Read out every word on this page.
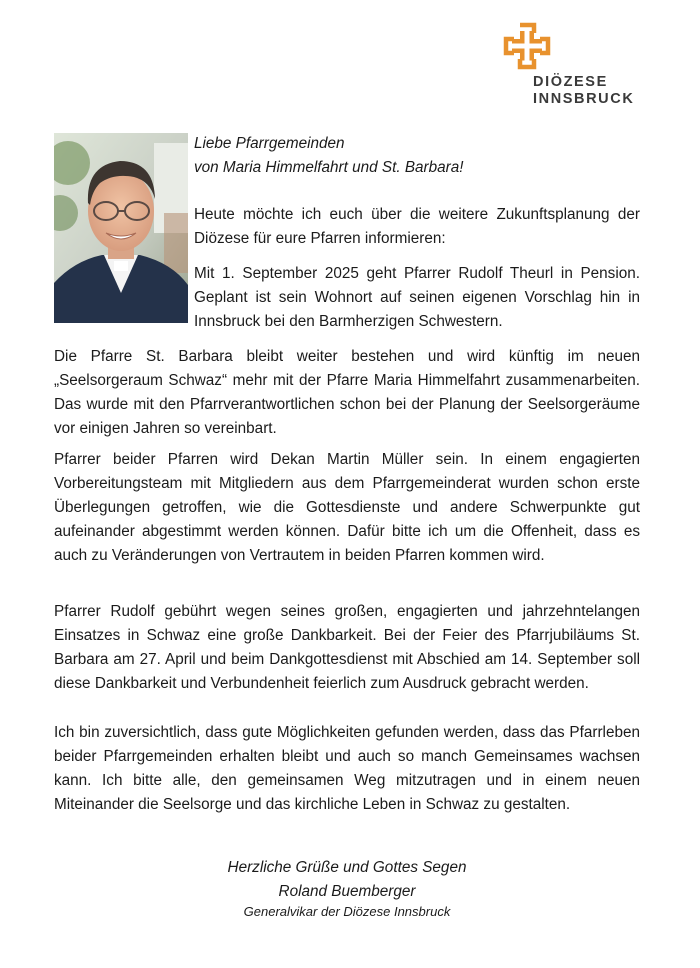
DIÖZESE
INNSBRUCK
Liebe Pfarrgemeinden
von Maria Himmelfahrt und St. Barbara!

Heute möchte ich euch über die weitere Zukunftsplanung der Diözese für eure Pfarren informieren:

Mit 1. September 2025 geht Pfarrer Rudolf Theurl in Pension. Geplant ist sein Wohnort auf seinen eigenen Vorschlag hin in Innsbruck bei den Barmherzigen Schwestern.

Die Pfarre St. Barbara bleibt weiter bestehen und wird künftig im neuen „Seelsorgeraum Schwaz“ mehr mit der Pfarre Maria Himmelfahrt zusammenarbeiten. Das wurde mit den Pfarrverantwortlichen schon bei der Planung der Seelsorgeräume vor einigen Jahren so vereinbart.

Pfarrer beider Pfarren wird Dekan Martin Müller sein. In einem engagierten Vorbereitungsteam mit Mitgliedern aus dem Pfarrgemeinderat wurden schon erste Überlegungen getroffen, wie die Gottesdienste und andere Schwerpunkte gut aufeinander abgestimmt werden können. Dafür bitte ich um die Offenheit, dass es auch zu Veränderungen von Vertrautem in beiden Pfarren kommen wird.

Pfarrer Rudolf gebührt wegen seines großen, engagierten und jahrzehntelangen Einsatzes in Schwaz eine große Dankbarkeit. Bei der Feier des Pfarrjubiläums St. Barbara am 27. April und beim Dankgottesdienst mit Abschied am 14. September soll diese Dankbarkeit und Verbundenheit feierlich zum Ausdruck gebracht werden.

Ich bin zuversichtlich, dass gute Möglichkeiten gefunden werden, dass das Pfarrleben beider Pfarrgemeinden erhalten bleibt und auch so manch Gemeinsames wachsen kann. Ich bitte alle, den gemeinsamen Weg mitzutragen und in einem neuen Miteinander die Seelsorge und das kirchliche Leben in Schwaz zu gestalten.

Herzliche Grüße und Gottes Segen
Roland Buemberger
Generalvikar der Diözese Innsbruck
